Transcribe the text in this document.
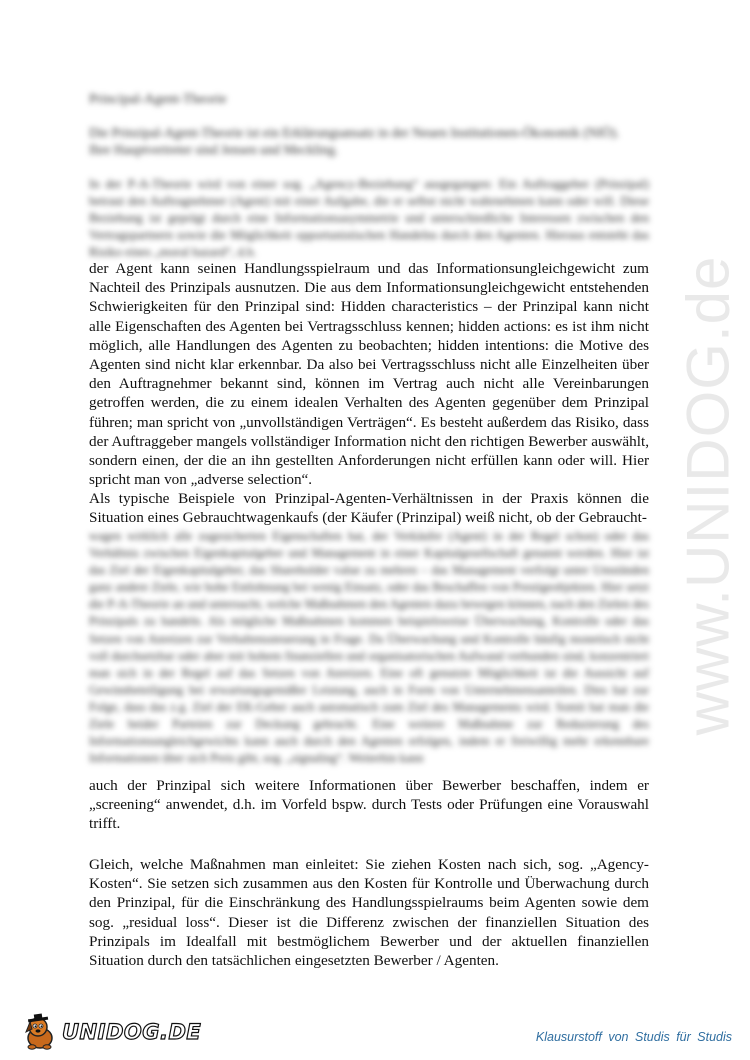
Principal-Agent-Theorie
Die Prinzipal-Agent-Theorie ist ein Erklärungsansatz in der Neuen Institutionen-Ökonomik (NIÖ). Ihre Hauptvertreter sind Jensen und Meckling.
In der P-A-Theorie wird von einer sog. „Agency-Beziehung“ ausgegangen: Ein Auftraggeber (Prinzipal) betraut den Auftragnehmer (Agent) mit einer Aufgabe, die er selbst nicht wahrnehmen kann oder will. Diese Beziehung ist geprägt durch eine Informationsasymmetrie und unterschiedliche Interessen zwischen den Vertragspartnern sowie die Möglichkeit opportunistischen Handelns durch den Agenten. Hieraus entsteht das Risiko eines „moral hazard“, d.h.
der Agent kann seinen Handlungsspielraum und das Informationsungleichgewicht zum Nachteil des Prinzipals ausnutzen. Die aus dem Informationsungleichgewicht entstehenden Schwierigkeiten für den Prinzipal sind: Hidden characteristics – der Prinzipal kann nicht alle Eigenschaften des Agenten bei Vertragsschluss kennen; hidden actions: es ist ihm nicht möglich, alle Handlungen des Agenten zu beobachten; hidden intentions: die Motive des Agenten sind nicht klar erkennbar. Da also bei Vertragsschluss nicht alle Einzelheiten über den Auftragnehmer bekannt sind, können im Vertrag auch nicht alle Vereinbarungen getroffen werden, die zu einem idealen Verhalten des Agenten gegenüber dem Prinzipal führen; man spricht von „unvollständigen Verträgen“. Es besteht außerdem das Risiko, dass der Auftraggeber mangels vollständiger Information nicht den richtigen Bewerber auswählt, sondern einen, der die an ihn gestellten Anforderungen nicht erfüllen kann oder will. Hier spricht man von „adverse selection“.
Als typische Beispiele von Prinzipal-Agenten-Verhältnissen in der Praxis können die Situation eines Gebrauchtwagenkaufs (der Käufer (Prinzipal) weiß nicht, ob der Gebraucht-
wagen wirklich alle zugesicherten Eigenschaften hat, der Verkäufer (Agent) in der Regel schon) oder das Verhältnis zwischen Eigenkapitalgeber und Management in einer Kapitalgesellschaft genannt werden. Hier ist das Ziel der Eigenkapitalgeber, das Shareholder value zu mehren – das Management verfolgt unter Umständen ganz andere Ziele, wie hohe Entlohnung bei wenig Einsatz, oder das Beschaffen von Prestigeobjekten. Hier setzt die P-A-Theorie an und untersucht, welche Maßnahmen den Agenten dazu bewegen können, nach den Zielen des Prinzipals zu handeln. Als mögliche Maßnahmen kommen beispielsweise Überwachung, Kontrolle oder das Setzen von Anreizen zur Verhaltenssteuerung in Frage. Da Überwachung und Kontrolle häufig monetisch nicht voll durchsetzbar oder aber mit hohem finanziellen und organisatorischen Aufwand verbunden sind, konzentriert man sich in der Regel auf das Setzen von Anreizen. Eine oft genutzte Möglichkeit ist die Aussicht auf Gewinnbeteiligung bei erwartungsgemäßer Leistung, auch in Form von Unternehmensanteilen. Dies hat zur Folge, dass das z.g. Ziel der EK-Geber auch automatisch zum Ziel des Managements wird. Somit hat man die Ziele beider Parteien zur Deckung gebracht. Eine weitere Maßnahme zur Reduzierung des Informationsungleichgewichts kann auch durch den Agenten erfolgen, indem er freiwillig mehr erkennbare Informationen über sich Preis gibt, sog. „signaling“. Weiterhin kann
auch der Prinzipal sich weitere Informationen über Bewerber beschaffen, indem er „screening“ anwendet, d.h. im Vorfeld bspw. durch Tests oder Prüfungen eine Vorauswahl trifft.
Gleich, welche Maßnahmen man einleitet: Sie ziehen Kosten nach sich, sog. „Agency-Kosten“. Sie setzen sich zusammen aus den Kosten für Kontrolle und Überwachung durch den Prinzipal, für die Einschränkung des Handlungsspielraums beim Agenten sowie dem sog. „residual loss“. Dieser ist die Differenz zwischen der finanziellen Situation des Prinzipals im Idealfall mit bestmöglichem Bewerber und der aktuellen finanziellen Situation durch den tatsächlichen eingesetzten Bewerber / Agenten.
www.UNIDOG.de
UNIDOG.DE	Klausurstoff von Studis für Studis
